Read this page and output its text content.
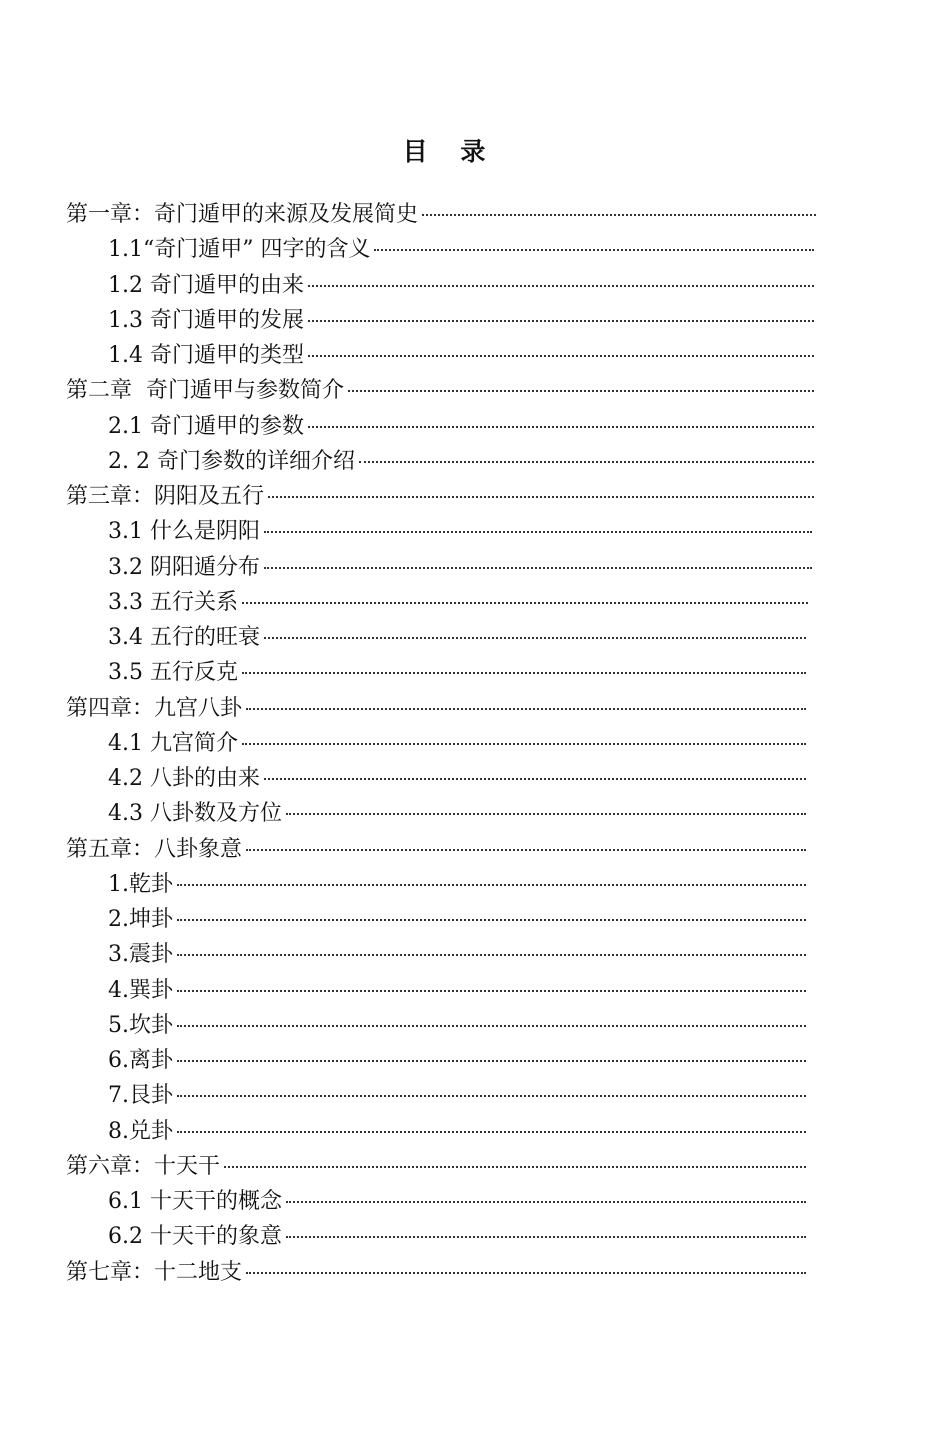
目 录
第一章：奇门遁甲的来源及发展简史
1.1“奇门遁甲” 四字的含义
1.2 奇门遁甲的由来
1.3 奇门遁甲的发展
1.4 奇门遁甲的类型
第二章  奇门遁甲与参数简介
2.1 奇门遁甲的参数
2. 2 奇门参数的详细介绍
第三章：阴阳及五行
3.1 什么是阴阳
3.2 阴阳遁分布
3.3 五行关系
3.4 五行的旺衰
3.5 五行反克
第四章：九宫八卦
4.1 九宫简介
4.2 八卦的由来
4.3 八卦数及方位
第五章：八卦象意
1.乾卦
2.坤卦
3.震卦
4.巽卦
5.坎卦
6.离卦
7.艮卦
8.兑卦
第六章：十天干
6.1 十天干的概念
6.2 十天干的象意
第七章：十二地支
